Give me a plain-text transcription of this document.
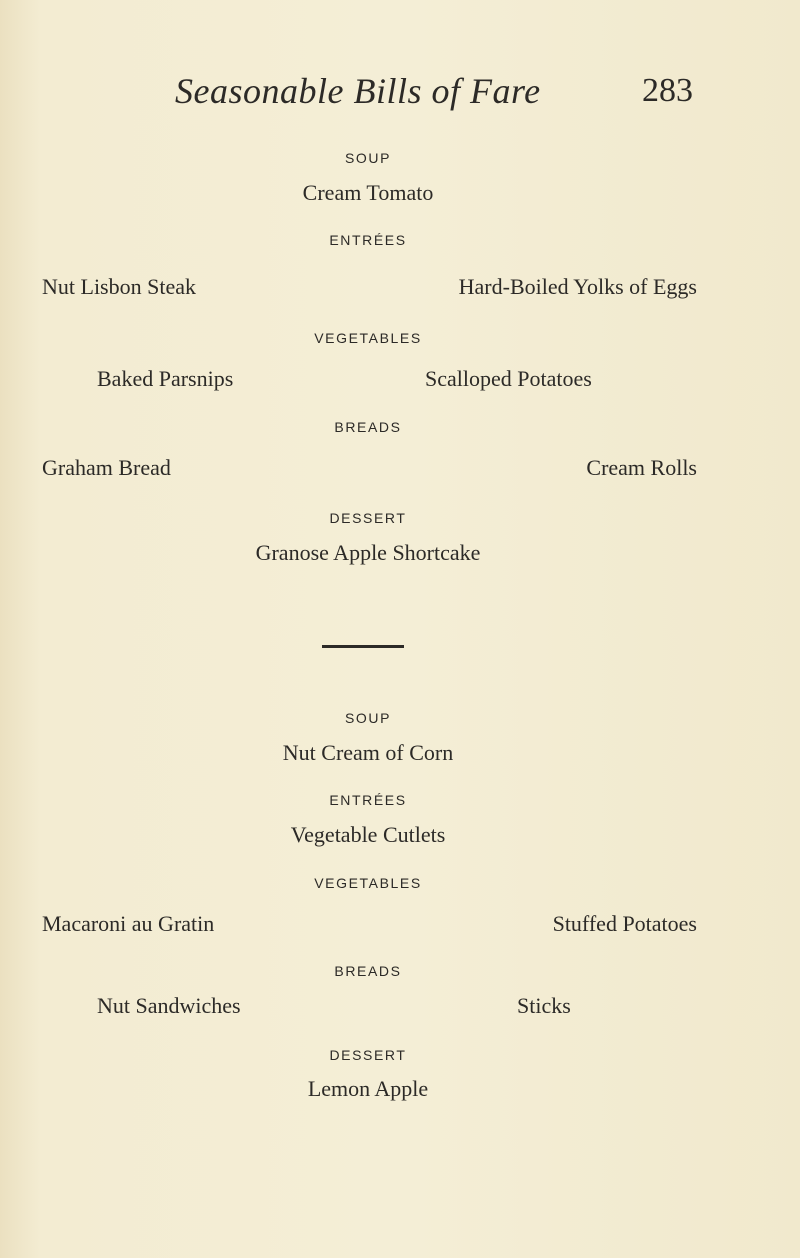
Seasonable Bills of Fare	283
SOUP
Cream Tomato
ENTRÉES
Nut Lisbon Steak	Hard-Boiled Yolks of Eggs
VEGETABLES
Baked Parsnips	Scalloped Potatoes
BREADS
Graham Bread	Cream Rolls
DESSERT
Granose Apple Shortcake
SOUP
Nut Cream of Corn
ENTRÉES
Vegetable Cutlets
VEGETABLES
Macaroni au Gratin	Stuffed Potatoes
BREADS
Nut Sandwiches	Sticks
DESSERT
Lemon Apple
